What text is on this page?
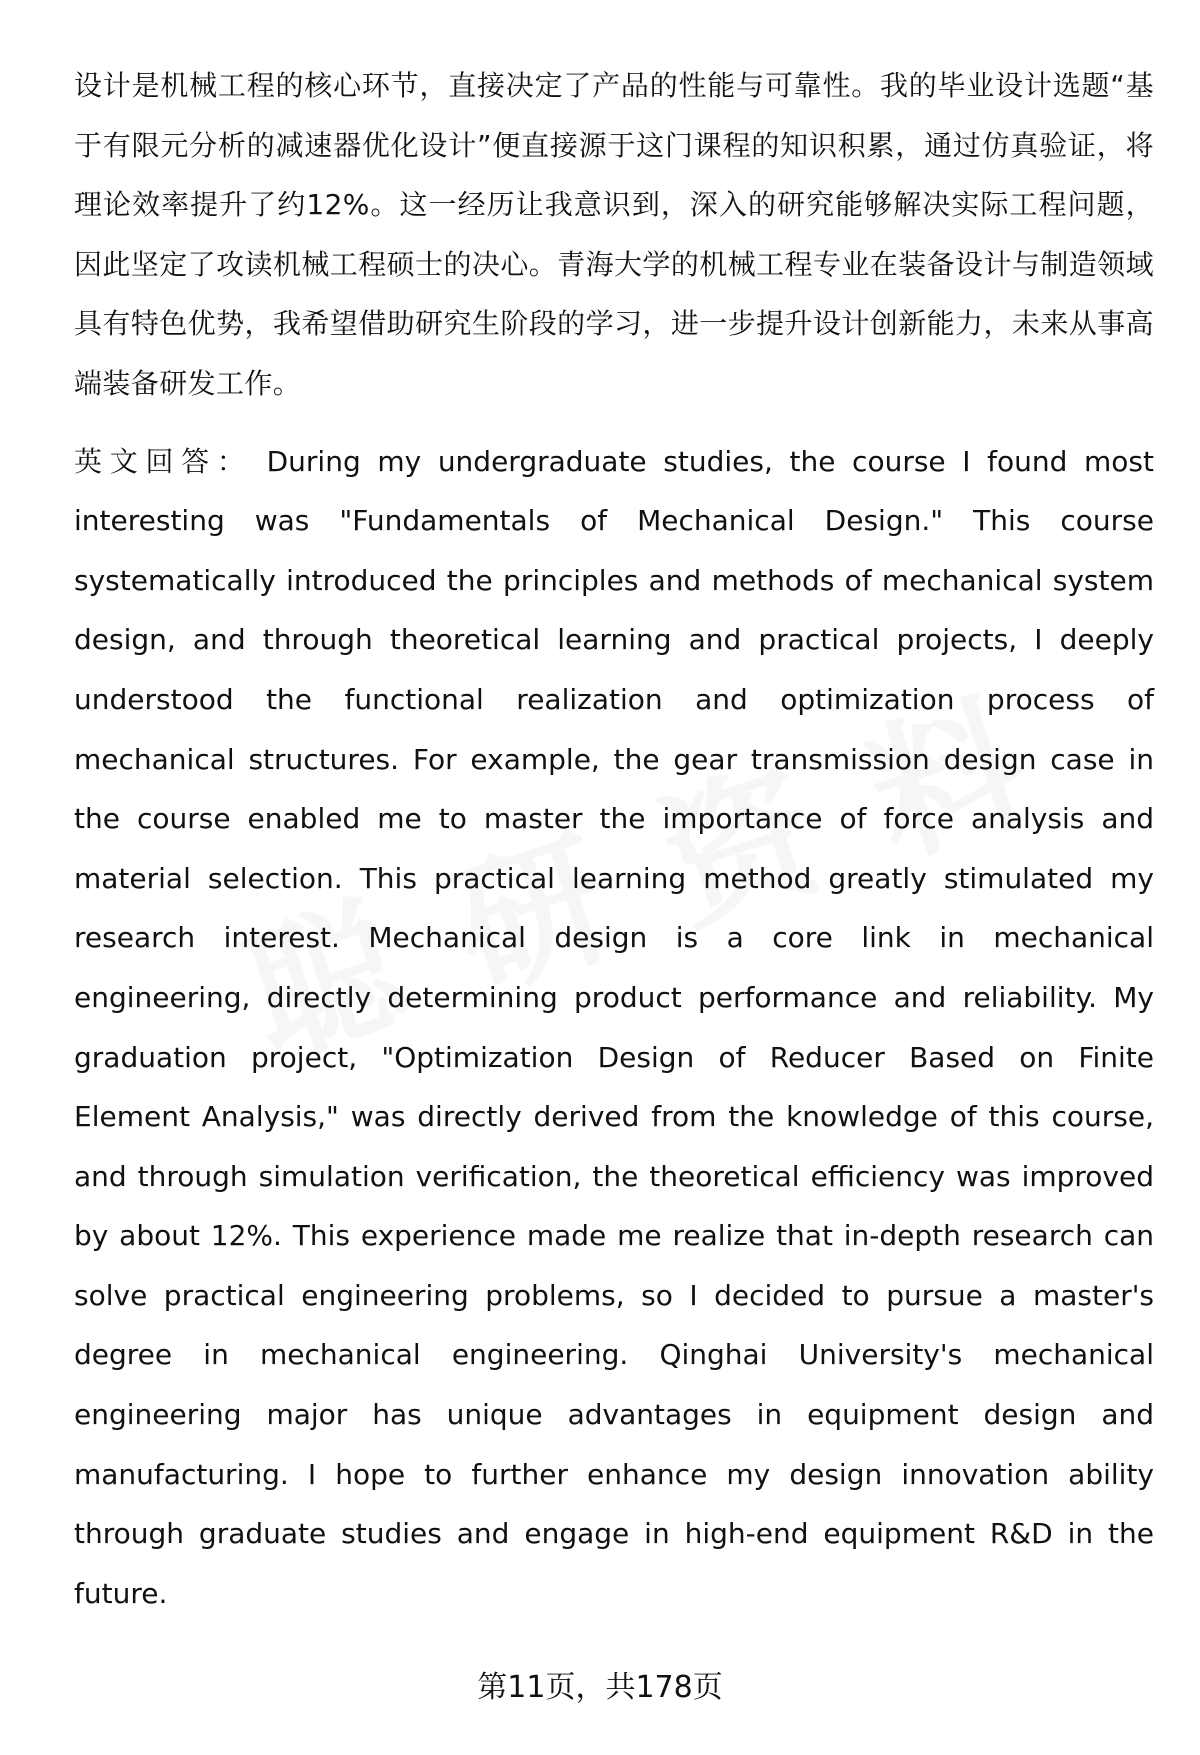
设计是机械工程的核心环节，直接决定了产品的性能与可靠性。我的毕业设计选题“基于有限元分析的减速器优化设计”便直接源于这门课程的知识积累，通过仿真验证，将理论效率提升了约12%。这一经历让我意识到，深入的研究能够解决实际工程问题，因此坚定了攻读机械工程硕士的决心。青海大学的机械工程专业在装备设计与制造领域具有特色优势，我希望借助研究生阶段的学习，进一步提升设计创新能力，未来从事高端装备研发工作。

英文回答： During my undergraduate studies, the course I found most interesting was "Fundamentals of Mechanical Design." This course systematically introduced the principles and methods of mechanical system design, and through theoretical learning and practical projects, I deeply understood the functional realization and optimization process of mechanical structures. For example, the gear transmission design case in the course enabled me to master the importance of force analysis and material selection. This practical learning method greatly stimulated my research interest. Mechanical design is a core link in mechanical engineering, directly determining product performance and reliability. My graduation project, "Optimization Design of Reducer Based on Finite Element Analysis," was directly derived from the knowledge of this course, and through simulation verification, the theoretical efficiency was improved by about 12%. This experience made me realize that in-depth research can solve practical engineering problems, so I decided to pursue a master's degree in mechanical engineering. Qinghai University's mechanical engineering major has unique advantages in equipment design and manufacturing. I hope to further enhance my design innovation ability through graduate studies and engage in high-end equipment R&D in the future.

第11页，共178页
